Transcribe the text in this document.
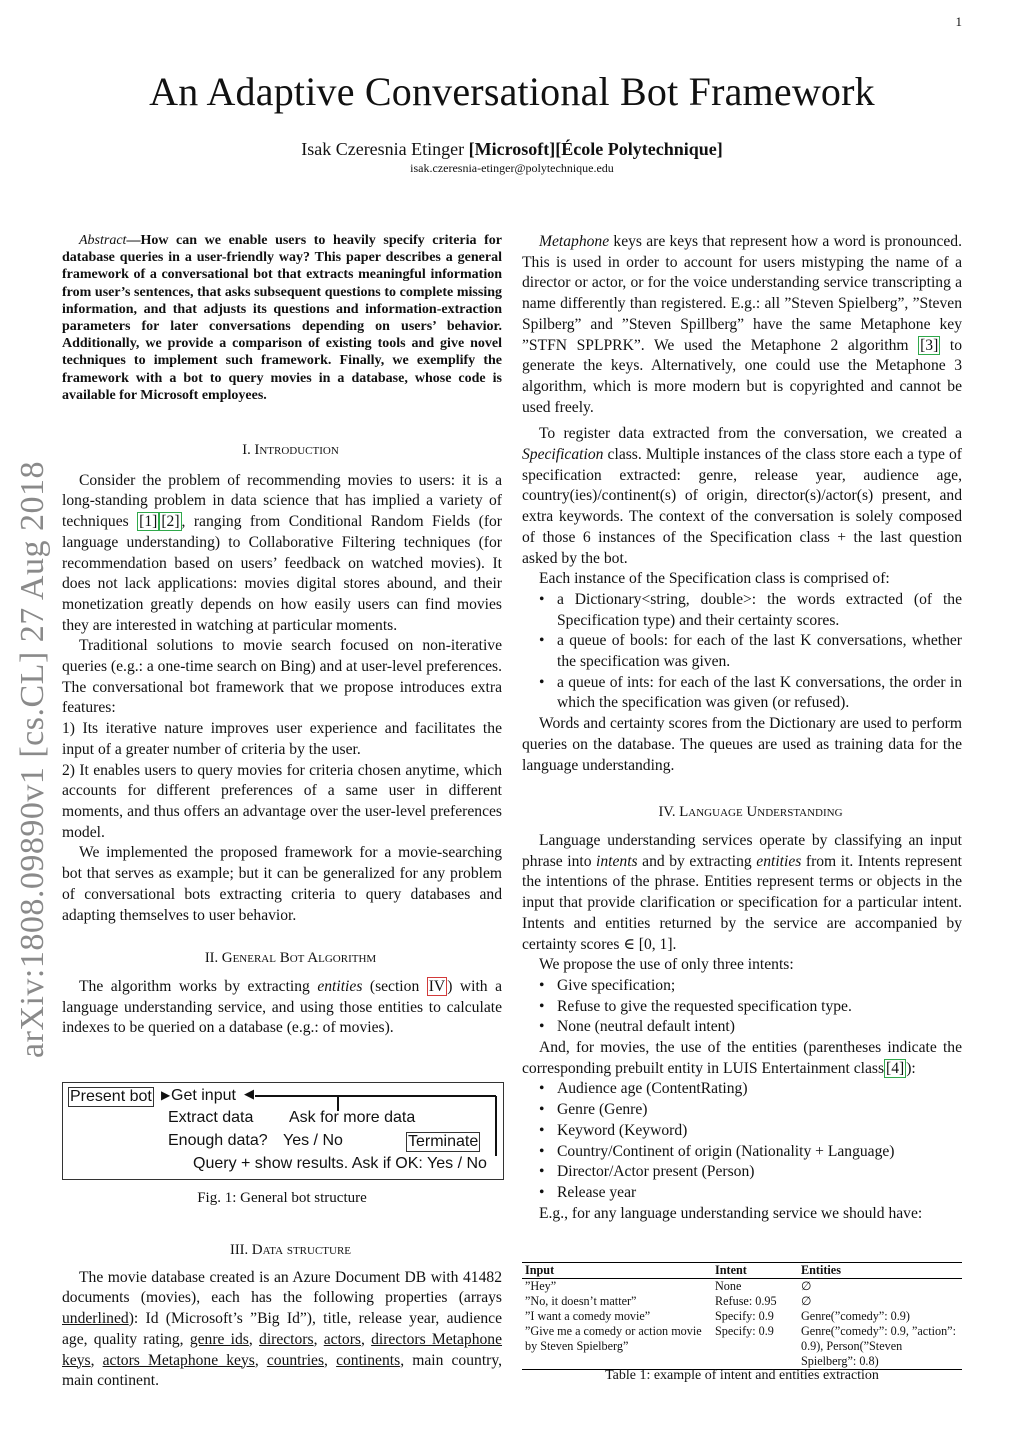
1
An Adaptive Conversational Bot Framework
Isak Czeresnia Etinger [Microsoft][École Polytechnique]
isak.czeresnia-etinger@polytechnique.edu
arXiv:1808.09890v1 [cs.CL] 27 Aug 2018

Abstract—How can we enable users to heavily specify criteria for database queries in a user-friendly way? This paper describes a general framework of a conversational bot that extracts meaningful information from user’s sentences, that asks subsequent questions to complete missing information, and that adjusts its questions and information-extraction parameters for later conversations depending on users’ behavior. Additionally, we provide a comparison of existing tools and give novel techniques to implement such framework. Finally, we exemplify the framework with a bot to query movies in a database, whose code is available for Microsoft employees.

I. Introduction

Consider the problem of recommending movies to users: it is a long-standing problem in data science that has implied a variety of techniques [1] [2] , ranging from Conditional Random Fields (for language understanding) to Collaborative Filtering techniques (for recommendation based on users’ feedback on watched movies). It does not lack applications: movies digital stores abound, and their monetization greatly depends on how easily users can find movies they are interested in watching at particular moments.

Traditional solutions to movie search focused on non-iterative queries (e.g.: a one-time search on Bing) and at user-level preferences. The conversational bot framework that we propose introduces extra features:

1) Its iterative nature improves user experience and facilitates the input of a greater number of criteria by the user.

2) It enables users to query movies for criteria chosen anytime, which accounts for different preferences of a same user in different moments, and thus offers an advantage over the user-level preferences model.

We implemented the proposed framework for a movie-searching bot that serves as example; but it can be generalized for any problem of conversational bots extracting criteria to query databases and adapting themselves to user behavior.

II. General Bot Algorithm

The algorithm works by extracting entities (section IV ) with a language understanding service, and using those entities to calculate indexes to be queried on a database (e.g.: of movies).

Present bot ▶ Get input ◀
Extract data Ask for more data
Enough data? Yes / No	Terminate
Query + show results. Ask if OK: Yes / No
Fig. 1: General bot structure

III. Data structure

The movie database created is an Azure Document DB with 41482 documents (movies), each has the following properties (arrays underlined): Id (Microsoft’s ”Big Id”), title, release year, audience age, quality rating, genre ids, directors, actors, directors Metaphone keys, actors Metaphone keys, countries, continents, main country, main continent.

Metaphone keys are keys that represent how a word is pronounced. This is used in order to account for users mistyping the name of a director or actor, or for the voice understanding service transcripting a name differently than registered. E.g.: all ”Steven Spielberg”, ”Steven Spilberg” and ”Steven Spillberg” have the same Metaphone key ”STFN SPLPRK”. We used the Metaphone 2 algorithm [3] to generate the keys. Alternatively, one could use the Metaphone 3 algorithm, which is more modern but is copyrighted and cannot be used freely.

To register data extracted from the conversation, we created a Specification class. Multiple instances of the class store each a type of specification extracted: genre, release year, audience age, country(ies)/continent(s) of origin, director(s)/actor(s) present, and extra keywords. The context of the conversation is solely composed of those 6 instances of the Specification class + the last question asked by the bot.

Each instance of the Specification class is comprised of:

• a Dictionary<string, double>: the words extracted (of the Specification type) and their certainty scores.
• a queue of bools: for each of the last K conversations, whether the specification was given.
• a queue of ints: for each of the last K conversations, the order in which the specification was given (or refused).

Words and certainty scores from the Dictionary are used to perform queries on the database. The queues are used as training data for the language understanding.

IV. Language Understanding

Language understanding services operate by classifying an input phrase into intents and by extracting entities from it. Intents represent the intentions of the phrase. Entities represent terms or objects in the input that provide clarification or specification for a particular intent. Intents and entities returned by the service are accompanied by certainty scores ∈ [0, 1].

We propose the use of only three intents:

• Give specification;
• Refuse to give the requested specification type.
• None (neutral default intent)

And, for movies, the use of the entities (parentheses indicate the corresponding prebuilt entity in LUIS Entertainment class [4] ):

• Audience age (ContentRating)
• Genre (Genre)
• Keyword (Keyword)
• Country/Continent of origin (Nationality + Language)
• Director/Actor present (Person)
• Release year

E.g., for any language understanding service we should have:

Input	Intent	Entities
”Hey”	None	∅
”No, it doesn’t matter”	Refuse: 0.95	∅
”I want a comedy movie”	Specify: 0.9	Genre(”comedy”: 0.9)
”Give me a comedy or action movie by Steven Spielberg”	Specify: 0.9	Genre(”comedy”: 0.9, ”action”: 0.9), Person(”Steven Spielberg”: 0.8)
Table 1: example of intent and entities extraction
